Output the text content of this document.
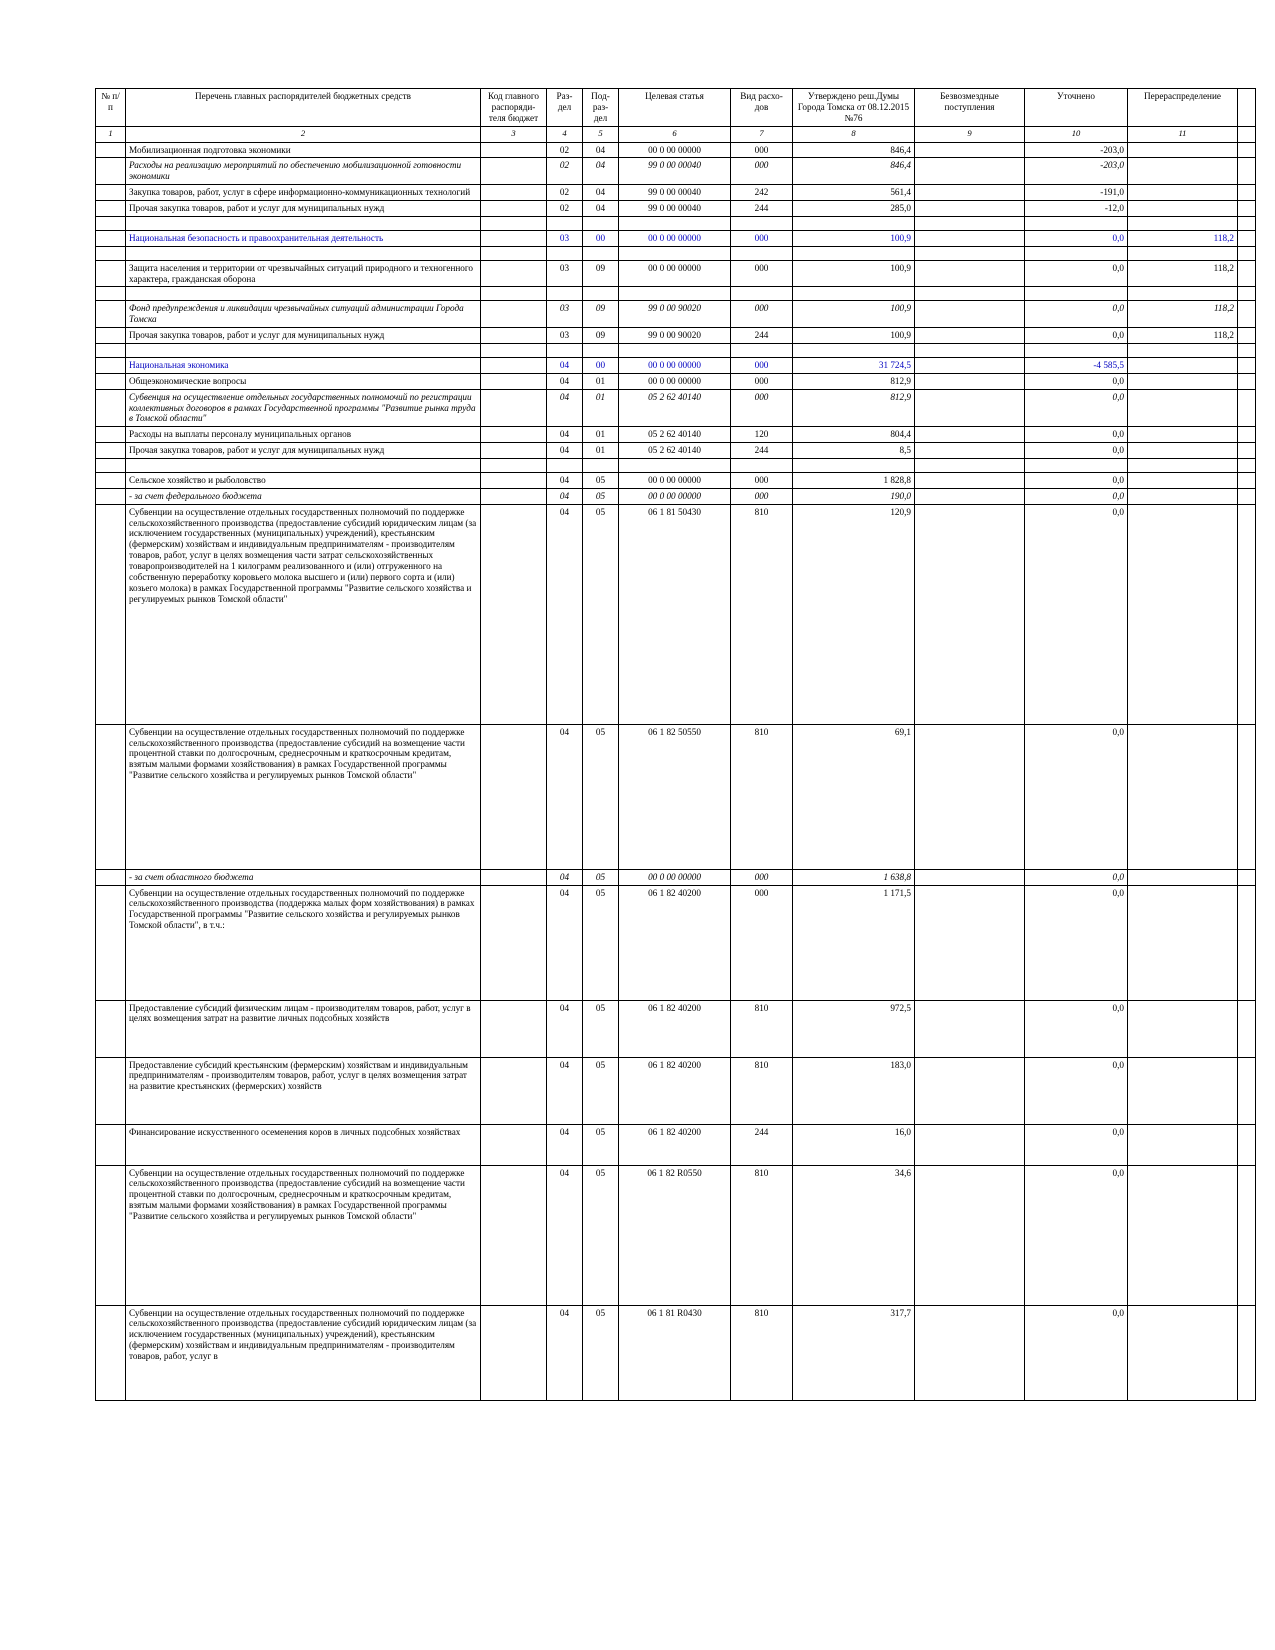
№ п/п	Перечень главных распорядителей бюджетных средств	Код главного распоряди- теля бюджет	Раз- дел	Под- раз- дел	Целевая статья	Вид расхо- дов	Утверждено реш.Думы Города Томска от 08.12.2015 №76	Безвозмездные поступления	Уточнено	Перераспределение	
1	2	3	4	5	6	7	8	9	10	11	
	Мобилизационная подготовка экономики		02	04	00 0 00 00000	000	846,4		-203,0		
	Расходы на реализацию мероприятий по обеспечению мобилизационной готовности экономики		02	04	99 0 00 00040	000	846,4		-203,0		
	Закупка товаров, работ, услуг в сфере информационно-коммуникационных технологий		02	04	99 0 00 00040	242	561,4		-191,0		
	Прочая закупка товаров, работ и услуг для муниципальных нужд		02	04	99 0 00 00040	244	285,0		-12,0		

	Национальная безопасность и правоохранительная деятельность		03	00	00 0 00 00000	000	100,9		0,0	118,2	

	Защита населения и территории от чрезвычайных ситуаций природного и техногенного характера, гражданская оборона		03	09	00 0 00 00000	000	100,9		0,0	118,2	

	Фонд предупреждения и ликвидации чрезвычайных ситуаций администрации Города Томска		03	09	99 0 00 90020	000	100,9		0,0	118,2	
	Прочая закупка товаров, работ и услуг для муниципальных нужд		03	09	99 0 00 90020	244	100,9		0,0	118,2	

	Национальная экономика		04	00	00 0 00 00000	000	31 724,5		-4 585,5		
	Общеэкономические вопросы		04	01	00 0 00 00000	000	812,9		0,0		
	Субвенция на осуществление отдельных государственных полномочий по регистрации коллективных договоров в рамках Государственной программы "Развитие рынка труда в Томской области"		04	01	05 2 62 40140	000	812,9		0,0		
	Расходы на выплаты персоналу муниципальных органов		04	01	05 2 62 40140	120	804,4		0,0		
	Прочая закупка товаров, работ и услуг для муниципальных нужд		04	01	05 2 62 40140	244	8,5		0,0		

	Сельское хозяйство и рыболовство		04	05	00 0 00 00000	000	1 828,8		0,0		
	- за счет федерального бюджета		04	05	00 0 00 00000	000	190,0		0,0		
	Субвенции на осуществление отдельных государственных полномочий по поддержке сельскохозяйственного производства (предоставление субсидий юридическим лицам (за исключением государственных (муниципальных) учреждений), крестьянским (фермерским) хозяйствам и индивидуальным предпринимателям - производителям товаров, работ, услуг в целях возмещения части затрат сельскохозяйственных товаропроизводителей на 1 килограмм реализованного и (или) отгруженного на собственную переработку коровьего молока высшего и (или) первого сорта и (или) козьего молока) в рамках Государственной программы "Развитие сельского хозяйства и регулируемых рынков Томской области"		04	05	06 1 81 50430	810	120,9		0,0		
	Субвенции на осуществление отдельных государственных полномочий по поддержке сельскохозяйственного производства (предоставление субсидий на возмещение части процентной ставки по долгосрочным, среднесрочным и краткосрочным кредитам, взятым малыми формами хозяйствования) в рамках Государственной программы "Развитие сельского хозяйства и регулируемых рынков Томской области"		04	05	06 1 82 50550	810	69,1		0,0		
	- за счет областного бюджета		04	05	00 0 00 00000	000	1 638,8		0,0		
	Субвенции на осуществление отдельных государственных полномочий по поддержке сельскохозяйственного производства (поддержка малых форм хозяйствования) в рамках Государственной программы "Развитие сельского хозяйства и регулируемых рынков Томской области", в т.ч.:		04	05	06 1 82 40200	000	1 171,5		0,0		
	Предоставление субсидий физическим лицам - производителям товаров, работ, услуг в целях возмещения затрат на развитие личных подсобных хозяйств		04	05	06 1 82 40200	810	972,5		0,0		
	Предоставление субсидий крестьянским (фермерским) хозяйствам и индивидуальным предпринимателям - производителям товаров, работ, услуг в целях возмещения затрат на развитие крестьянских (фермерских) хозяйств		04	05	06 1 82 40200	810	183,0		0,0		
	Финансирование искусственного осеменения коров в личных подсобных хозяйствах		04	05	06 1 82 40200	244	16,0		0,0		
	Субвенции на осуществление отдельных государственных полномочий по поддержке сельскохозяйственного производства (предоставление субсидий на возмещение части процентной ставки по долгосрочным, среднесрочным и краткосрочным кредитам, взятым малыми формами хозяйствования) в рамках Государственной программы "Развитие сельского хозяйства и регулируемых рынков Томской области"		04	05	06 1 82 R0550	810	34,6		0,0		
	Субвенции на осуществление отдельных государственных полномочий по поддержке сельскохозяйственного производства (предоставление субсидий юридическим лицам (за исключением государственных (муниципальных) учреждений), крестьянским (фермерским) хозяйствам и индивидуальным предпринимателям - производителям товаров, работ, услуг в		04	05	06 1 81 R0430	810	317,7		0,0		
